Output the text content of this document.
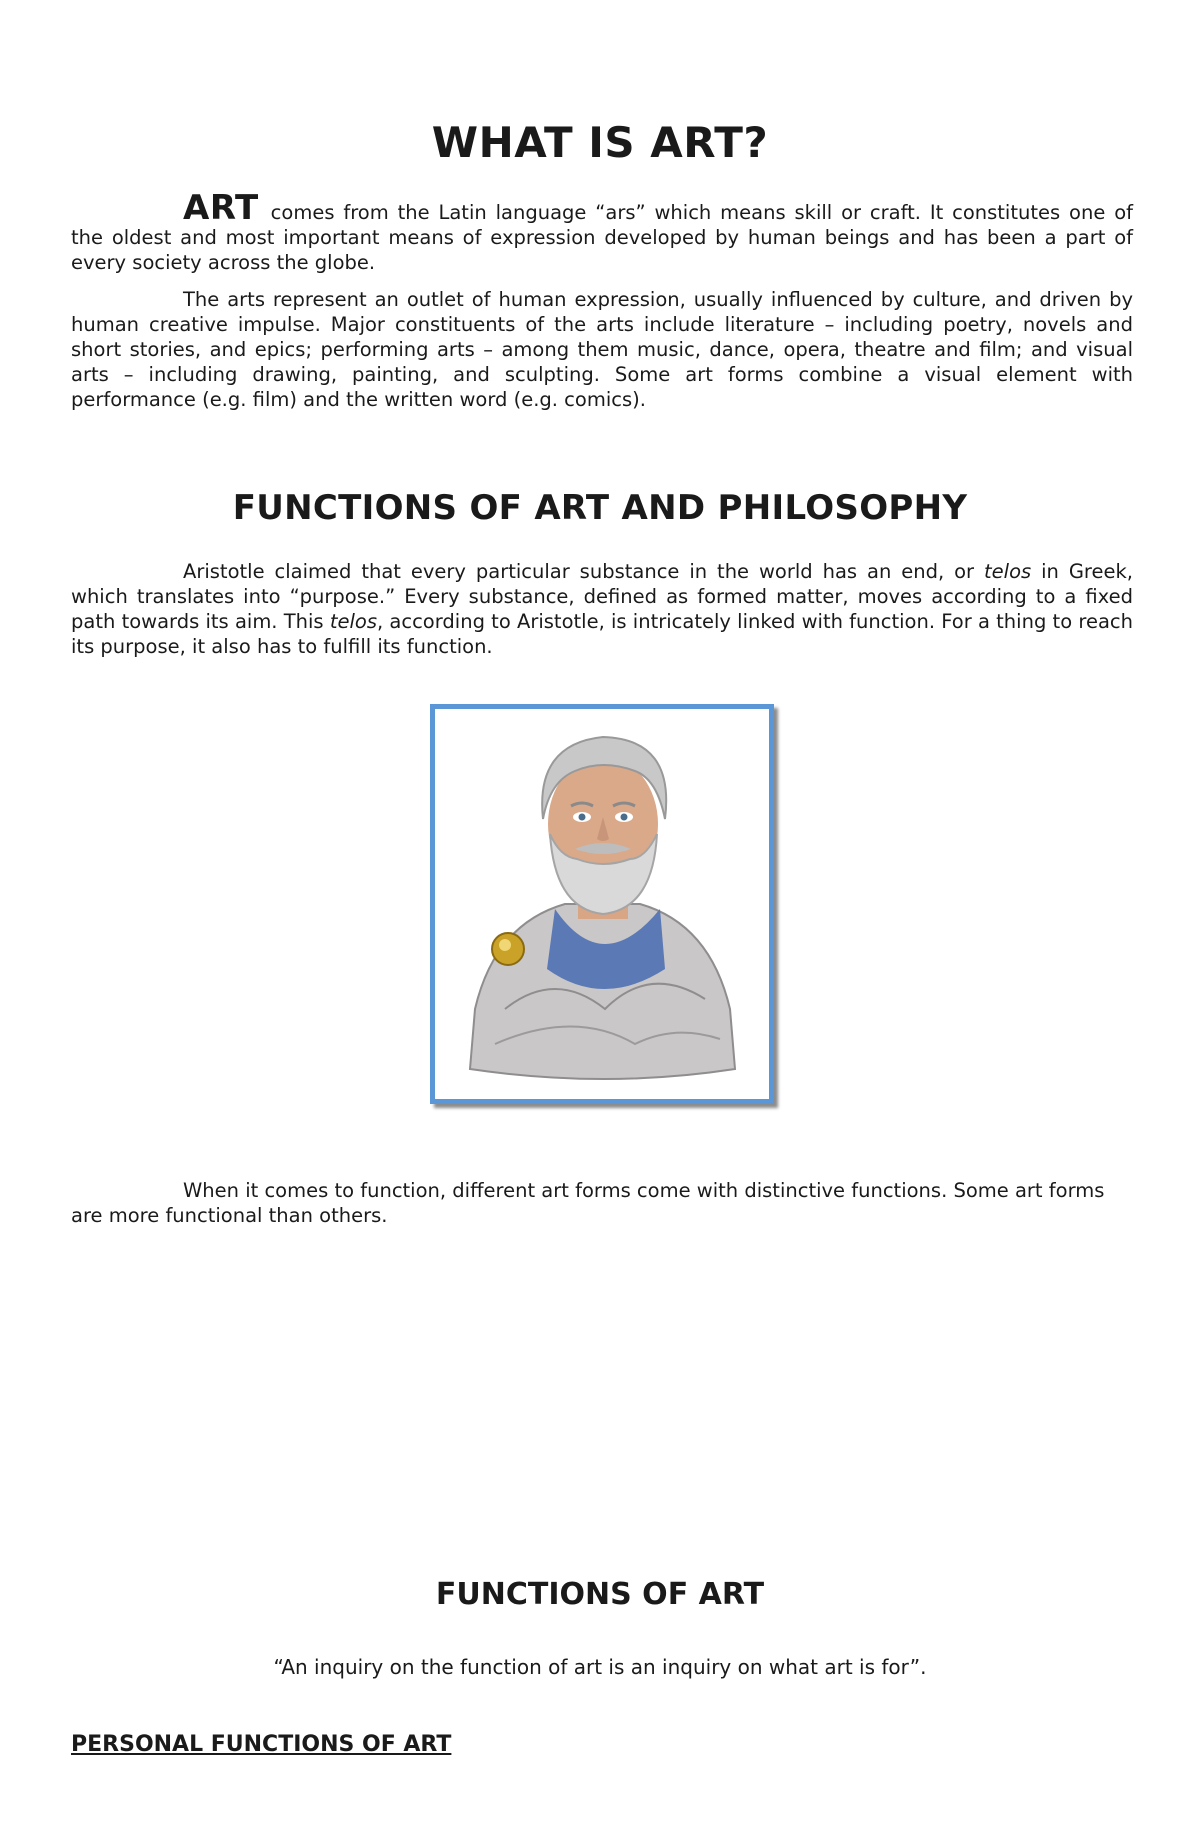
WHAT IS ART?

ART comes from the Latin language “ars” which means skill or craft. It constitutes one of the oldest and most important means of expression developed by human beings and has been a part of every society across the globe.

The arts represent an outlet of human expression, usually influenced by culture, and driven by human creative impulse. Major constituents of the arts include literature – including poetry, novels and short stories, and epics; performing arts – among them music, dance, opera, theatre and film; and visual arts – including drawing, painting, and sculpting. Some art forms combine a visual element with performance (e.g. film) and the written word (e.g. comics).

FUNCTIONS OF ART AND PHILOSOPHY

Aristotle claimed that every particular substance in the world has an end, or telos in Greek, which translates into “purpose.” Every substance, defined as formed matter, moves according to a fixed path towards its aim. This telos, according to Aristotle, is intricately linked with function. For a thing to reach its purpose, it also has to fulfill its function.

When it comes to function, different art forms come with distinctive functions. Some art forms are more functional than others.

FUNCTIONS OF ART

“An inquiry on the function of art is an inquiry on what art is for”.

PERSONAL FUNCTIONS OF ART
